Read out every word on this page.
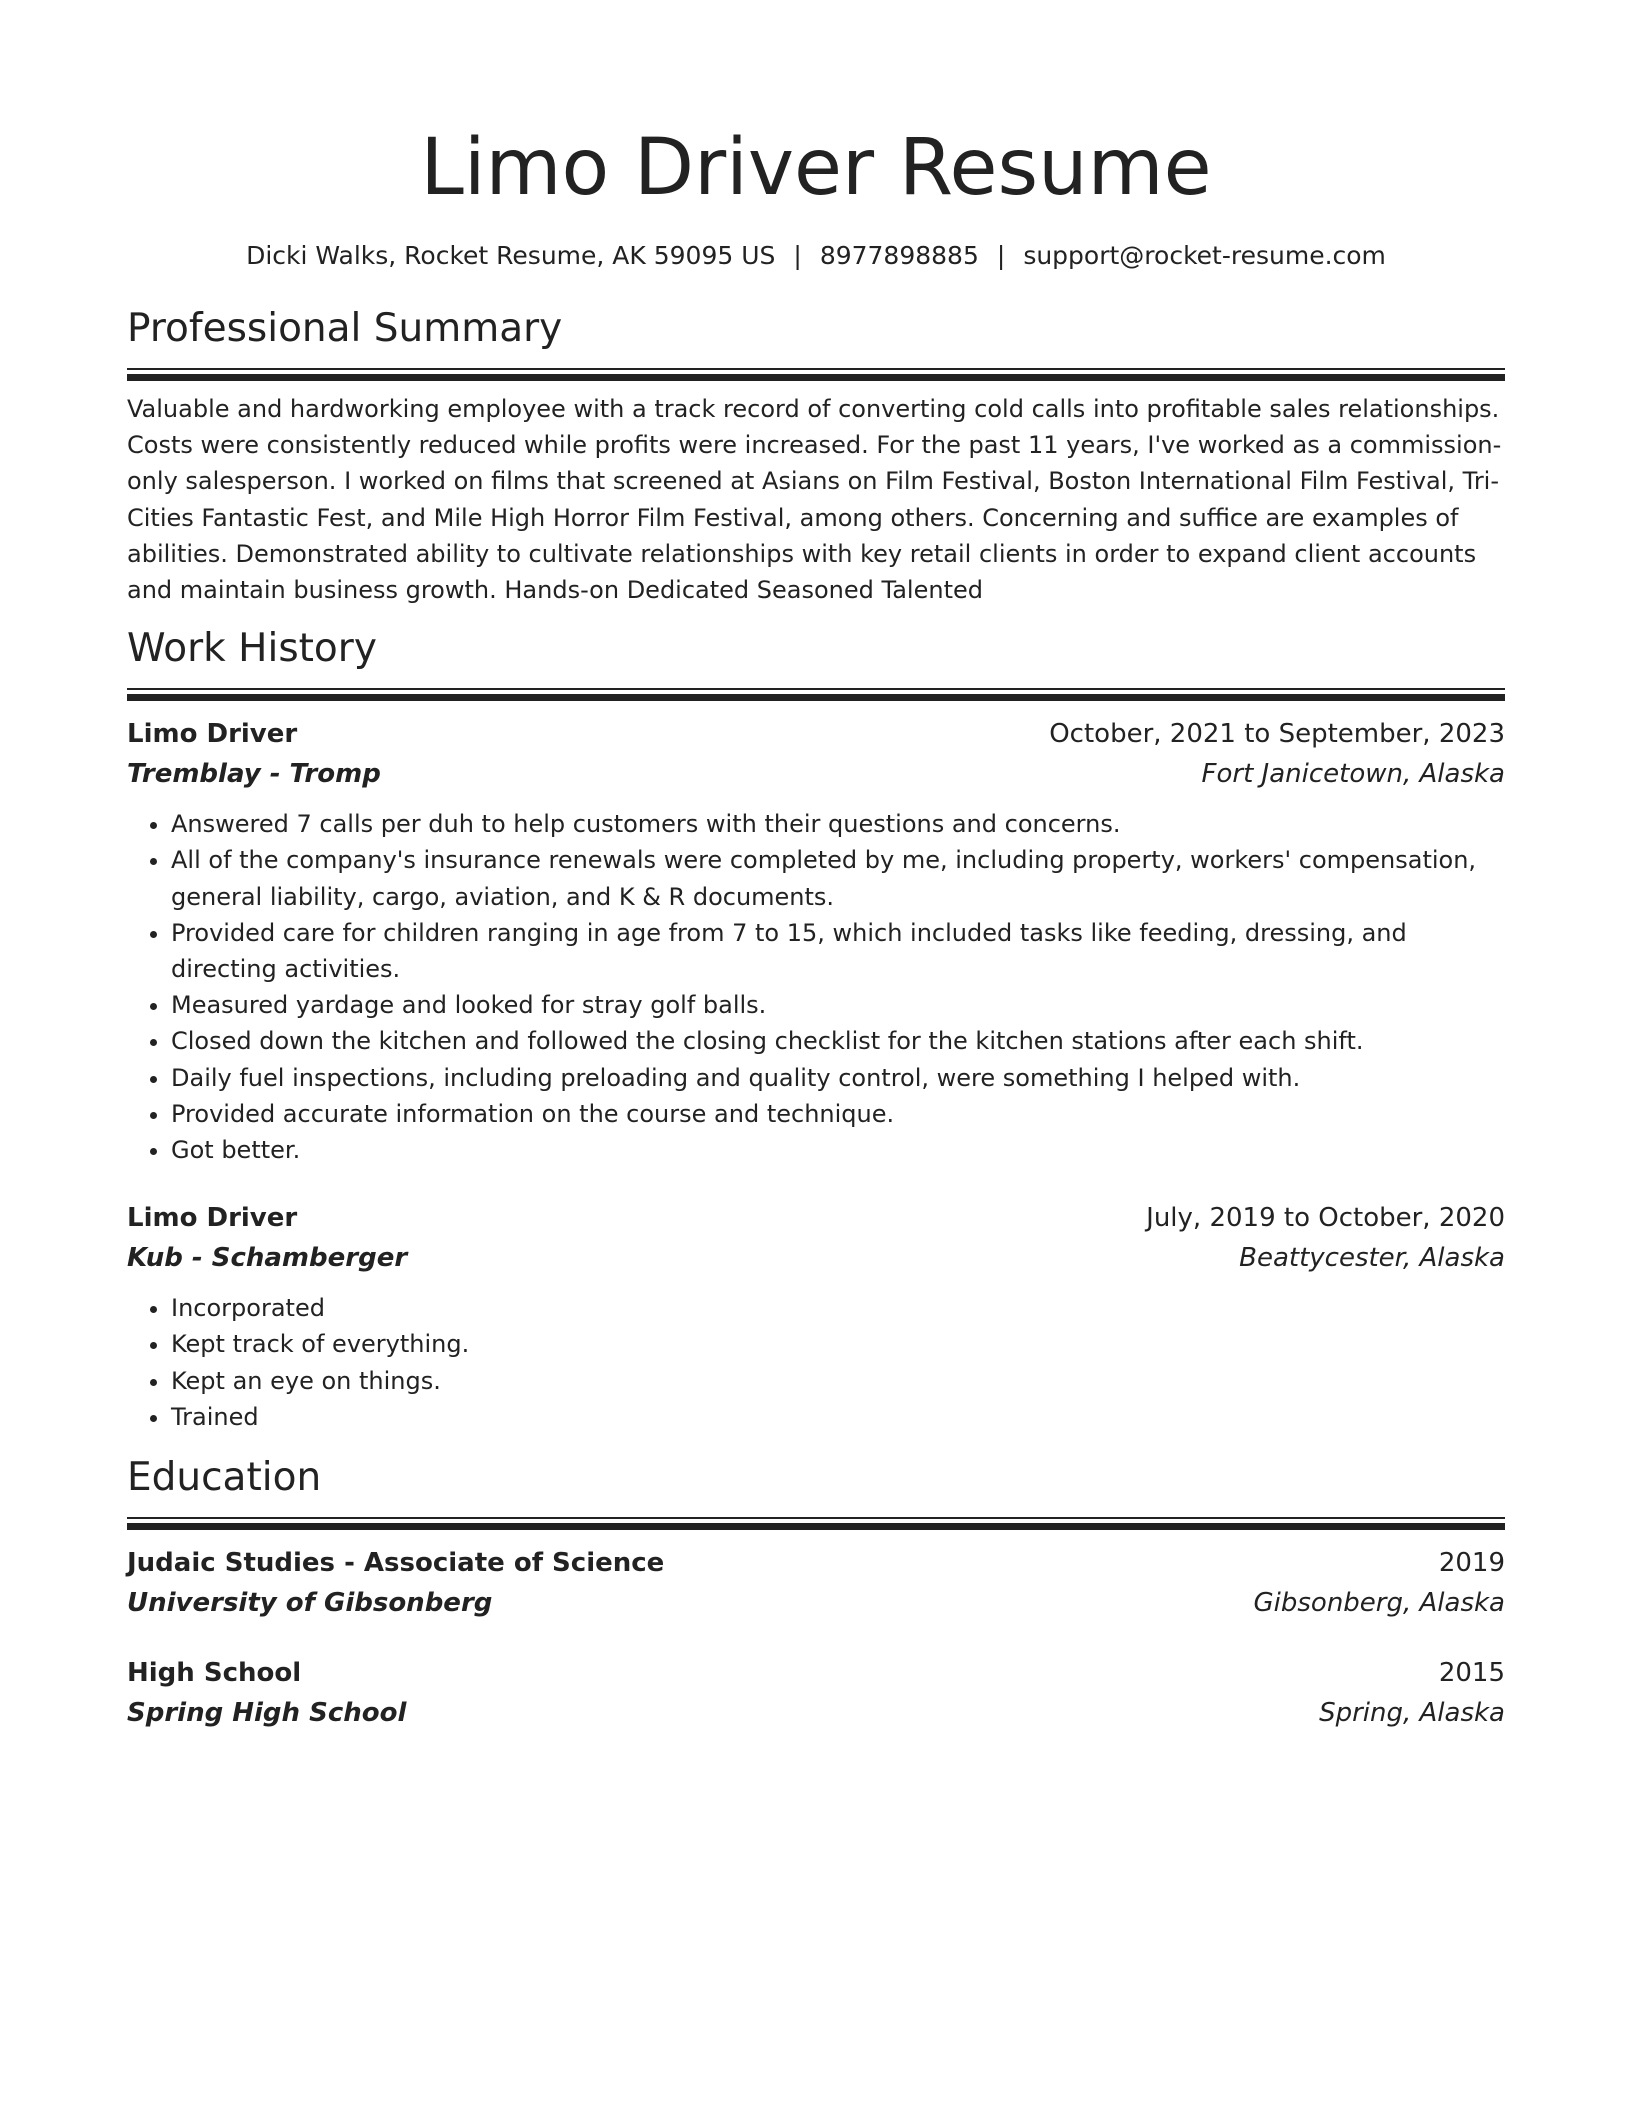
Limo Driver Resume
Dicki Walks, Rocket Resume, AK 59095 US | 8977898885 | support@rocket-resume.com
Professional Summary
Valuable and hardworking employee with a track record of converting cold calls into profitable sales relationships. Costs were consistently reduced while profits were increased. For the past 11 years, I've worked as a commission-only salesperson. I worked on films that screened at Asians on Film Festival, Boston International Film Festival, Tri-Cities Fantastic Fest, and Mile High Horror Film Festival, among others. Concerning and suffice are examples of abilities. Demonstrated ability to cultivate relationships with key retail clients in order to expand client accounts and maintain business growth. Hands-on Dedicated Seasoned Talented
Work History
Limo Driver	October, 2021 to September, 2023
Tremblay - Tromp	Fort Janicetown, Alaska
• Answered 7 calls per duh to help customers with their questions and concerns.
• All of the company's insurance renewals were completed by me, including property, workers' compensation, general liability, cargo, aviation, and K & R documents.
• Provided care for children ranging in age from 7 to 15, which included tasks like feeding, dressing, and directing activities.
• Measured yardage and looked for stray golf balls.
• Closed down the kitchen and followed the closing checklist for the kitchen stations after each shift.
• Daily fuel inspections, including preloading and quality control, were something I helped with.
• Provided accurate information on the course and technique.
• Got better.
Limo Driver	July, 2019 to October, 2020
Kub - Schamberger	Beattycester, Alaska
• Incorporated
• Kept track of everything.
• Kept an eye on things.
• Trained
Education
Judaic Studies - Associate of Science	2019
University of Gibsonberg	Gibsonberg, Alaska
High School	2015
Spring High School	Spring, Alaska
